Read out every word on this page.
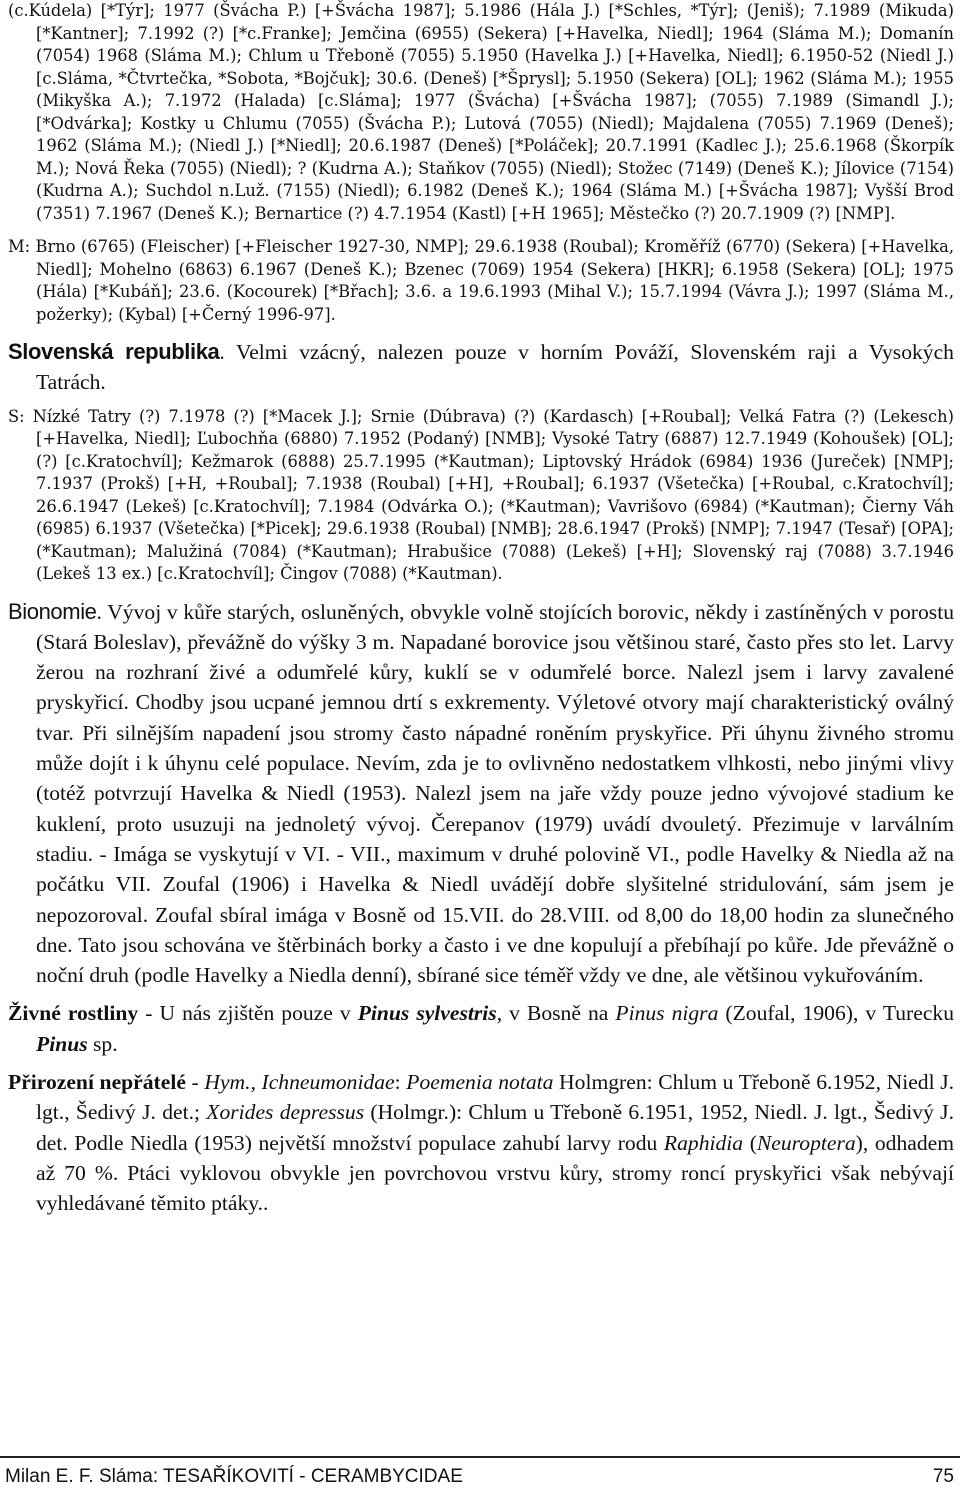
(c.Kúdela) [*Týr]; 1977 (Švácha P.) [+Švácha 1987]; 5.1986 (Hála J.) [*Schles, *Týr]; (Jeniš); 7.1989 (Mikuda) [*Kantner]; 7.1992 (?) [*c.Franke]; Jemčina (6955) (Sekera) [+Havelka, Niedl]; 1964 (Sláma M.); Domanín (7054) 1968 (Sláma M.); Chlum u Třeboně (7055) 5.1950 (Havelka J.) [+Havelka, Niedl]; 6.1950-52 (Niedl J.) [c.Sláma, *Čtvrtečka, *Sobota, *Bojčuk]; 30.6. (Deneš) [*Šprysl]; 5.1950 (Sekera) [OL]; 1962 (Sláma M.); 1955 (Mikyška A.); 7.1972 (Halada) [c.Sláma]; 1977 (Švácha) [+Švácha 1987]; (7055) 7.1989 (Simandl J.); [*Odvárka]; Kostky u Chlumu (7055) (Švácha P.); Lutová (7055) (Niedl); Majdalena (7055) 7.1969 (Deneš); 1962 (Sláma M.); (Niedl J.) [*Niedl]; 20.6.1987 (Deneš) [*Poláček]; 20.7.1991 (Kadlec J.); 25.6.1968 (Škorpík M.); Nová Řeka (7055) (Niedl); ? (Kudrna A.); Staňkov (7055) (Niedl); Stožec (7149) (Deneš K.); Jílovice (7154) (Kudrna A.); Suchdol n.Luž. (7155) (Niedl); 6.1982 (Deneš K.); 1964 (Sláma M.) [+Švácha 1987]; Vyšší Brod (7351) 7.1967 (Deneš K.); Bernartice (?) 4.7.1954 (Kastl) [+H 1965]; Městečko (?) 20.7.1909 (?) [NMP].

M: Brno (6765) (Fleischer) [+Fleischer 1927-30, NMP]; 29.6.1938 (Roubal); Kroměříž (6770) (Sekera) [+Havelka, Niedl]; Mohelno (6863) 6.1967 (Deneš K.); Bzenec (7069) 1954 (Sekera) [HKR]; 6.1958 (Sekera) [OL]; 1975 (Hála) [*Kubáň]; 23.6. (Kocourek) [*Břach]; 3.6. a 19.6.1993 (Mihal V.); 15.7.1994 (Vávra J.); 1997 (Sláma M., požerky); (Kybal) [+Černý 1996-97].

Slovenská republika. Velmi vzácný, nalezen pouze v horním Pováží, Slovenském raji a Vysokých Tatrách.

S: Nízké Tatry (?) 7.1978 (?) [*Macek J.]; Srnie (Dúbrava) (?) (Kardasch) [+Roubal]; Velká Fatra (?) (Lekesch) [+Havelka, Niedl]; Ľubochňa (6880) 7.1952 (Podaný) [NMB]; Vysoké Tatry (6887) 12.7.1949 (Kohoušek) [OL]; (?) [c.Kratochvíl]; Kežmarok (6888) 25.7.1995 (*Kautman); Liptovský Hrádok (6984) 1936 (Jureček) [NMP]; 7.1937 (Prokš) [+H, +Roubal]; 7.1938 (Roubal) [+H], +Roubal]; 6.1937 (Všetečka) [+Roubal, c.Kratochvíl]; 26.6.1947 (Lekeš) [c.Kratochvíl]; 7.1984 (Odvárka O.); (*Kautman); Vavrišovo (6984) (*Kautman); Čierny Váh (6985) 6.1937 (Všetečka) [*Picek]; 29.6.1938 (Roubal) [NMB]; 28.6.1947 (Prokš) [NMP]; 7.1947 (Tesař) [OPA]; (*Kautman); Malužiná (7084) (*Kautman); Hrabušice (7088) (Lekeš) [+H]; Slovenský raj (7088) 3.7.1946 (Lekeš 13 ex.) [c.Kratochvíl]; Čingov (7088) (*Kautman).

Bionomie. Vývoj v kůře starých, osluněných, obvykle volně stojících borovic, někdy i zastíněných v porostu (Stará Boleslav), převážně do výšky 3 m. Napadané borovice jsou většinou staré, často přes sto let. Larvy žerou na rozhraní živé a odumřelé kůry, kuklí se v odumřelé borce. Nalezl jsem i larvy zavalené pryskyřicí. Chodby jsou ucpané jemnou drtí s exkrementy. Výletové otvory mají charakteristický oválný tvar. Při silnějším napadení jsou stromy často nápadné roněním pryskyřice. Při úhynu živného stromu může dojít i k úhynu celé populace. Nevím, zda je to ovlivněno nedostatkem vlhkosti, nebo jinými vlivy (totéž potvrzují Havelka & Niedl (1953). Nalezl jsem na jaře vždy pouze jedno vývojové stadium ke kuklení, proto usuzuji na jednoletý vývoj. Čerepanov (1979) uvádí dvouletý. Přezimuje v larválním stadiu. - Imága se vyskytují v VI. - VII., maximum v druhé polovině VI., podle Havelky & Niedla až na počátku VII. Zoufal (1906) i Havelka & Niedl uvádějí dobře slyšitelné stridulování, sám jsem je nepozoroval. Zoufal sbíral imága v Bosně od 15.VII. do 28.VIII. od 8,00 do 18,00 hodin za slunečného dne. Tato jsou schována ve štěrbinách borky a často i ve dne kopulují a přebíhají po kůře. Jde převážně o noční druh (podle Havelky a Niedla denní), sbírané sice téměř vždy ve dne, ale většinou vykuřováním.

Živné rostliny - U nás zjištěn pouze v Pinus sylvestris, v Bosně na Pinus nigra (Zoufal, 1906), v Turecku Pinus sp.

Přirození nepřátelé - Hym., Ichneumonidae: Poemenia notata Holmgren: Chlum u Třeboně 6.1952, Niedl J. lgt., Šedivý J. det.; Xorides depressus (Holmgr.): Chlum u Třeboně 6.1951, 1952, Niedl. J. lgt., Šedivý J. det. Podle Niedla (1953) největší množství populace zahubí larvy rodu Raphidia (Neuroptera), odhadem až 70 %. Ptáci vyklovou obvykle jen povrchovou vrstvu kůry, stromy roncí pryskyřici však nebývají vyhledávané těmito ptáky..

Milan E. F. Sláma: TESAŘÍKOVITÍ - CERAMBYCIDAE	75
